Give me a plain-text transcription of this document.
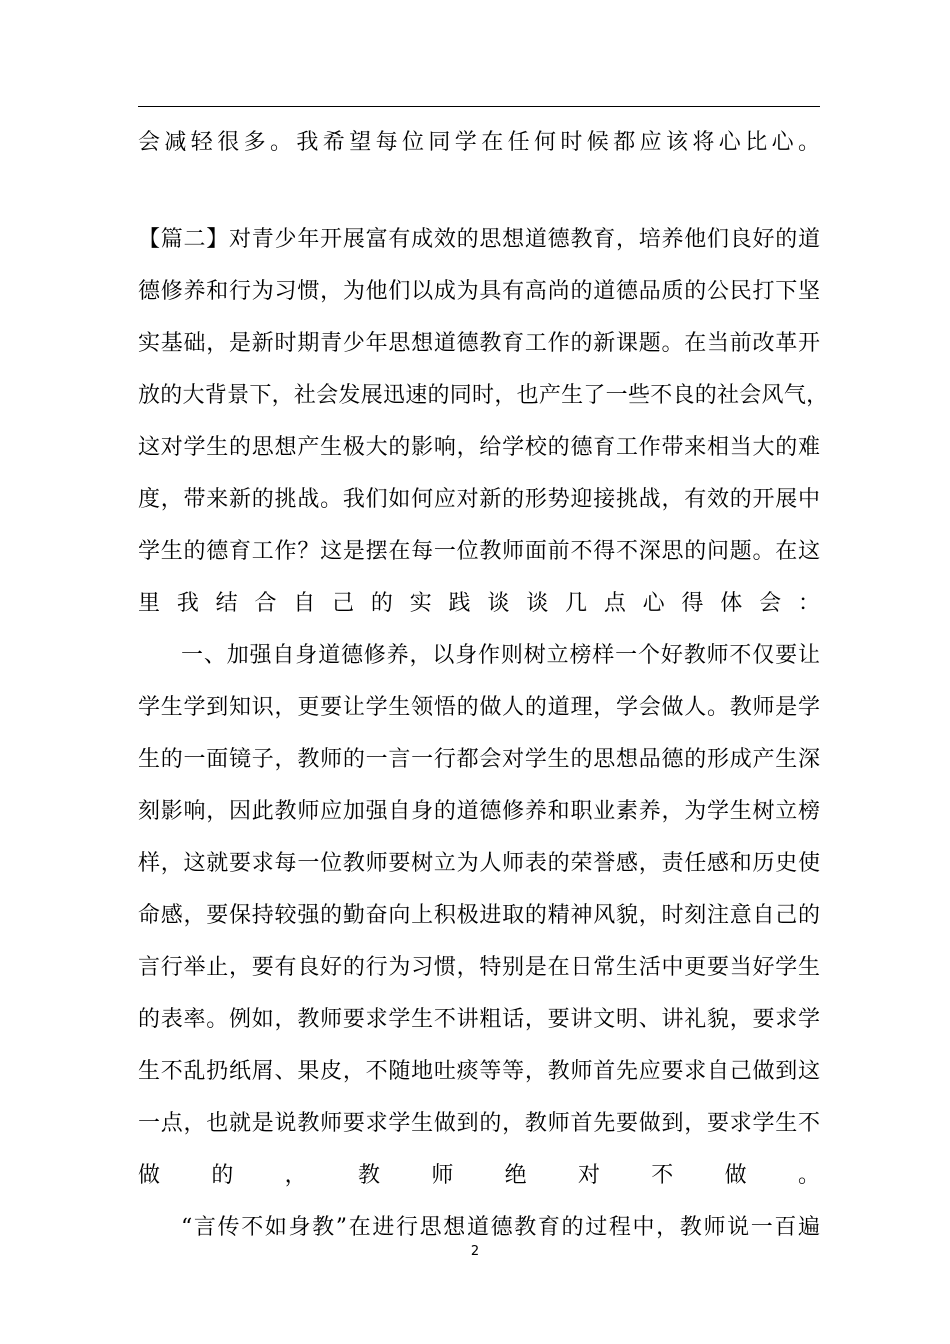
会减轻很多。我希望每位同学在任何时候都应该将心比心。
【篇二】对青少年开展富有成效的思想道德教育，培养他们良好的道
德修养和行为习惯，为他们以成为具有高尚的道德品质的公民打下坚
实基础，是新时期青少年思想道德教育工作的新课题。在当前改革开
放的大背景下，社会发展迅速的同时，也产生了一些不良的社会风气，
这对学生的思想产生极大的影响，给学校的德育工作带来相当大的难
度，带来新的挑战。我们如何应对新的形势迎接挑战，有效的开展中
学生的德育工作？这是摆在每一位教师面前不得不深思的问题。在这
里我结合自己的实践谈谈几点心得体会：
一、加强自身道德修养，以身作则树立榜样一个好教师不仅要让
学生学到知识，更要让学生领悟的做人的道理，学会做人。教师是学
生的一面镜子，教师的一言一行都会对学生的思想品德的形成产生深
刻影响，因此教师应加强自身的道德修养和职业素养，为学生树立榜
样，这就要求每一位教师要树立为人师表的荣誉感，责任感和历史使
命感，要保持较强的勤奋向上积极进取的精神风貌，时刻注意自己的
言行举止，要有良好的行为习惯，特别是在日常生活中更要当好学生
的表率。例如，教师要求学生不讲粗话，要讲文明、讲礼貌，要求学
生不乱扔纸屑、果皮，不随地吐痰等等，教师首先应要求自己做到这
一点，也就是说教师要求学生做到的，教师首先要做到，要求学生不
做的，教师绝对不做。
“言传不如身教”在进行思想道德教育的过程中，教师说一百遍
2
